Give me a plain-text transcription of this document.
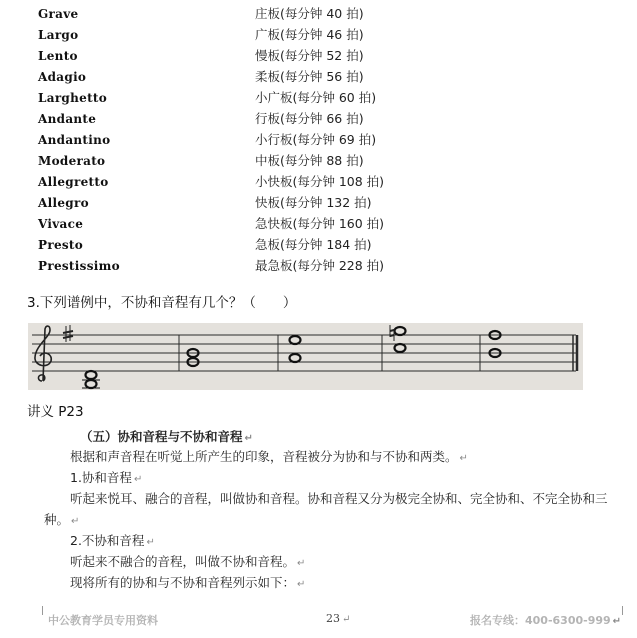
Grave	庄板(每分钟 40 拍)
Largo	广板(每分钟 46 拍)
Lento	慢板(每分钟 52 拍)
Adagio	柔板(每分钟 56 拍)
Larghetto	小广板(每分钟 60 拍)
Andante	行板(每分钟 66 拍)
Andantino	小行板(每分钟 69 拍)
Moderato	中板(每分钟 88 拍)
Allegretto	小快板(每分钟 108 拍)
Allegro	快板(每分钟 132 拍)
Vivace	急快板(每分钟 160 拍)
Presto	急板(每分钟 184 拍)
Prestissimo	最急板(每分钟 228 拍)
3.下列谱例中，不协和音程有几个？（　　）
讲义 P23
（五）协和音程与不协和音程 ↵
根据和声音程在听觉上所产生的印象，音程被分为协和与不协和两类。 ↵
1.协和音程 ↵
听起来悦耳、融合的音程，叫做协和音程。协和音程又分为极完全协和、完全协和、不完全协和三
种。 ↵
2.不协和音程 ↵
听起来不融合的音程，叫做不协和音程。 ↵
现将所有的协和与不协和音程列示如下： ↵
中公教育学员专用资料	23 ↵	报名专线：400-6300-999 ↵
